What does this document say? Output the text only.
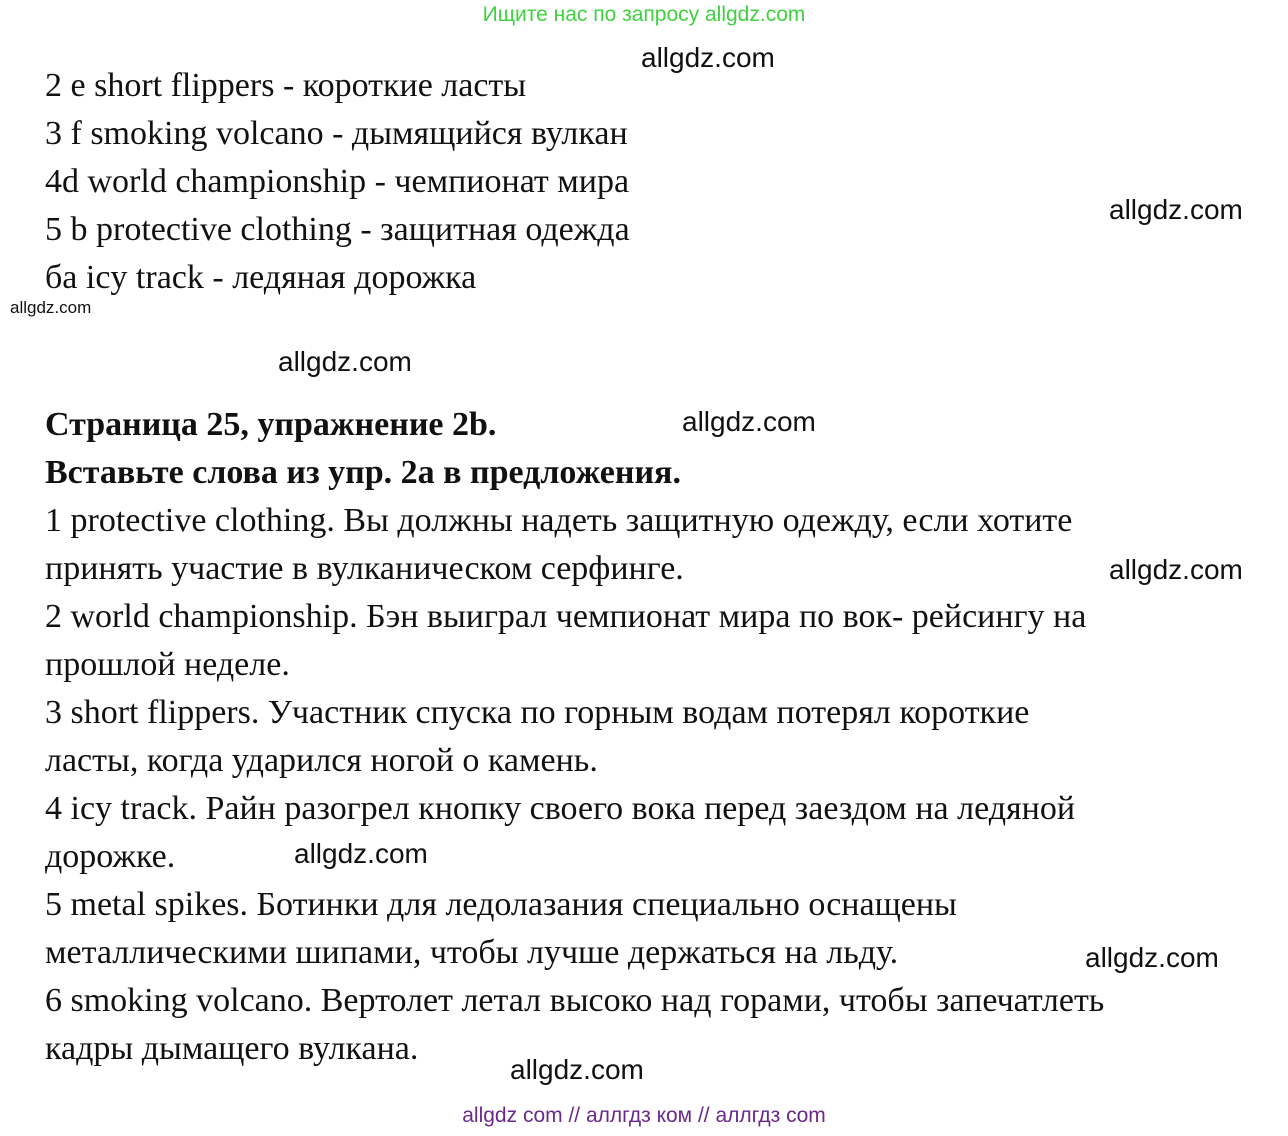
Ищите нас по запросу allgdz.com
2 e short flippers - короткие ласты
3 f smoking volcano - дымящийся вулкан
4d world championship - чемпионат мира
5 b protective clothing - защитная одежда
ба icy track - ледяная дорожка
Страница 25, упражнение 2b.
Вставьте слова из упр. 2а в предложения.
1 protective clothing. Вы должны надеть защитную одежду, если хотите
принять участие в вулканическом серфинге.
2 world championship. Бэн выиграл чемпионат мира по вок- рейсингу на
прошлой неделе.
3 short flippers. Участник спуска по горным водам потерял короткие
ласты, когда ударился ногой о камень.
4 icy track. Райн разогрел кнопку своего вока перед заездом на ледяной
дорожке.
5 metal spikes. Ботинки для ледолазания специально оснащены
металлическими шипами, чтобы лучше держаться на льду.
6 smoking volcano. Вертолет летал высоко над горами, чтобы запечатлеть
кадры дымащего вулкана.
allgdz.com
allgdz.com
allgdz.com
allgdz.com
allgdz.com
allgdz.com
allgdz.com
allgdz.com
allgdz.com
allgdz com // аллгдз ком // аллгдз com
